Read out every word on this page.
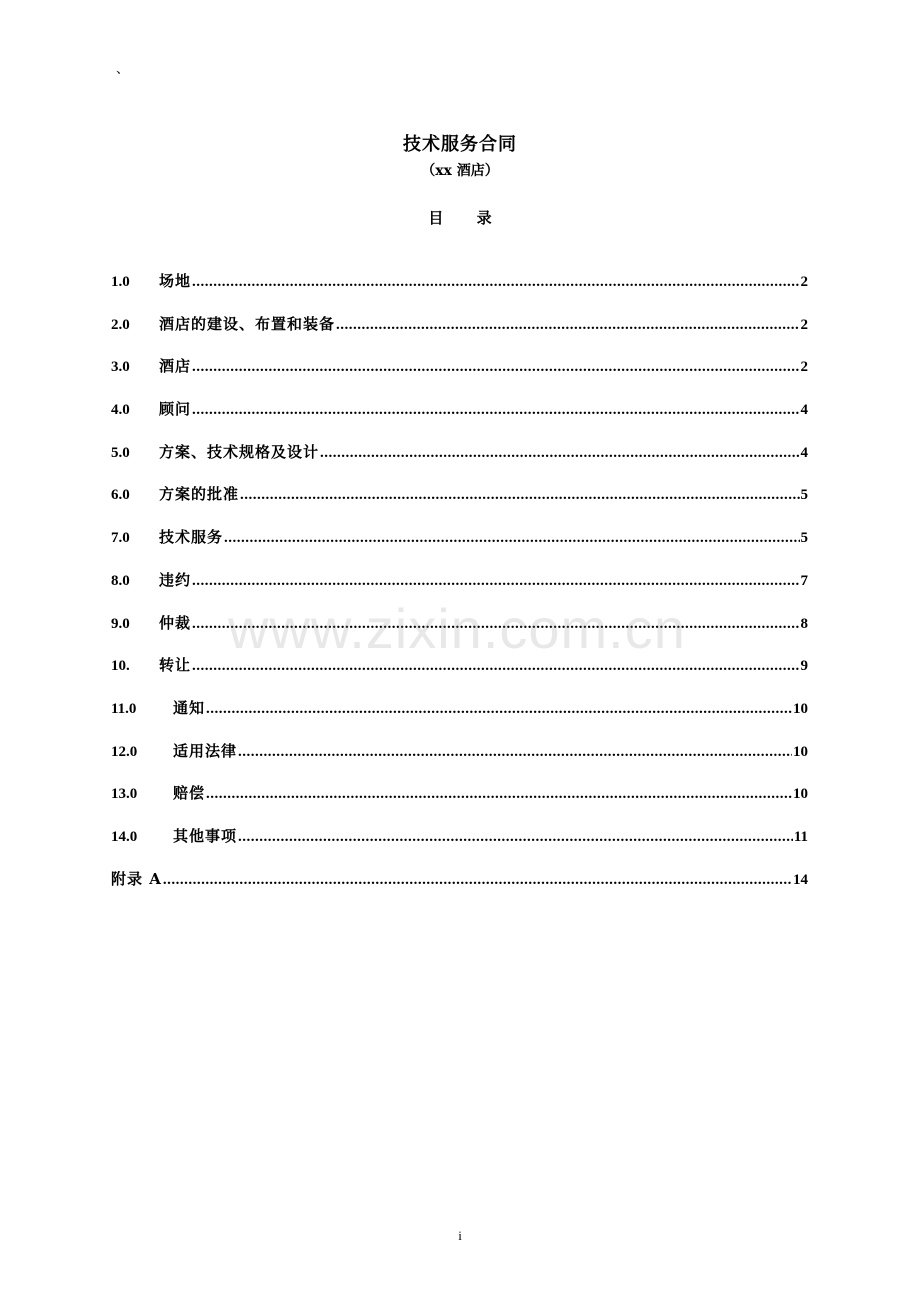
、
技术服务合同
（xx 酒店）
目 录
1.0	场地 .....	2
2.0	酒店的建设、布置和装备 .....	2
3.0	酒店 .....	2
4.0	顾问 .....	4
5.0	方案、技术规格及设计 .....	4
6.0	方案的批准 .....	5
7.0	技术服务 .....	5
8.0	违约 .....	7
9.0	仲裁 .....	8
10.	转让 .....	9
11.0	通知 .....	10
12.0	适用法律 .....	10
13.0	赔偿 .....	10
14.0	其他事项 .....	11
附录 A .....	14
www.zixin.com.cn
i
